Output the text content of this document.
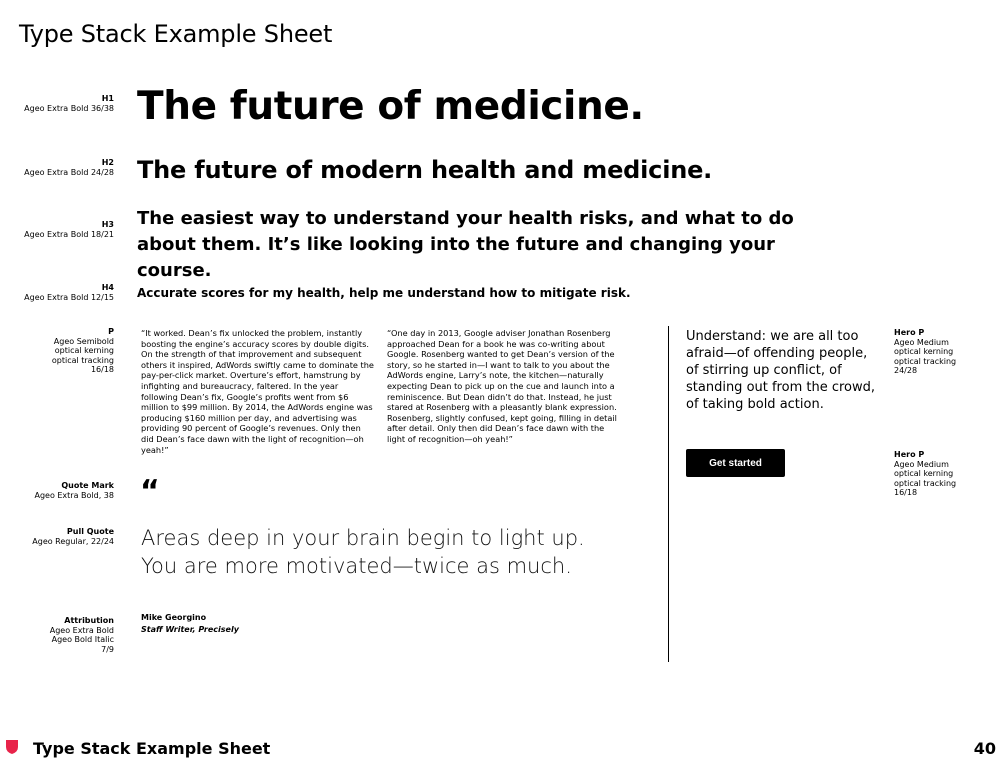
Type Stack Example Sheet
H1
Ageo Extra Bold 36/38 The future of medicine.
H2
Ageo Extra Bold 24/28 The future of modern health and medicine.
H3
Ageo Extra Bold 18/21
The easiest way to understand your health risks, and what to do about them. It’s like looking into the future and changing your course.
H4
Ageo Extra Bold 12/15 Accurate scores for my health, help me understand how to mitigate risk.
P
Ageo Semibold
optical kerning
optical tracking
16/18
“It worked. Dean’s fix unlocked the problem, instantly boosting the engine’s accuracy scores by double digits. On the strength of that improvement and subsequent others it inspired, AdWords swiftly came to dominate the pay-per-click market. Overture’s effort, hamstrung by infighting and bureaucracy, faltered. In the year following Dean’s fix, Google’s profits went from $6 million to $99 million. By 2014, the AdWords engine was producing $160 million per day, and advertising was providing 90 percent of Google’s revenues. Only then did Dean’s face dawn with the light of recognition—oh yeah!”
“One day in 2013, Google adviser Jonathan Rosenberg approached Dean for a book he was co-writing about Google. Rosenberg wanted to get Dean’s version of the story, so he started in—I want to talk to you about the AdWords engine, Larry’s note, the kitchen—naturally expecting Dean to pick up on the cue and launch into a reminiscence. But Dean didn’t do that. Instead, he just stared at Rosenberg with a pleasantly blank expression. Rosenberg, slightly confused, kept going, filling in detail after detail. Only then did Dean’s face dawn with the light of recognition—oh yeah!”
Quote Mark
Ageo Extra Bold, 38 “
Pull Quote
Ageo Regular, 22/24 Areas deep in your brain begin to light up.
You are more motivated—twice as much.
Attribution
Ageo Extra Bold
Ageo Bold Italic
7/9
Mike Georgino
Staff Writer, Precisely
Understand: we are all too afraid—of offending people, of stirring up conflict, of standing out from the crowd, of taking bold action.
Hero P
Ageo Medium
optical kerning
optical tracking
24/28
Get started
Hero P
Ageo Medium
optical kerning
optical tracking
16/18
Type Stack Example Sheet	40
